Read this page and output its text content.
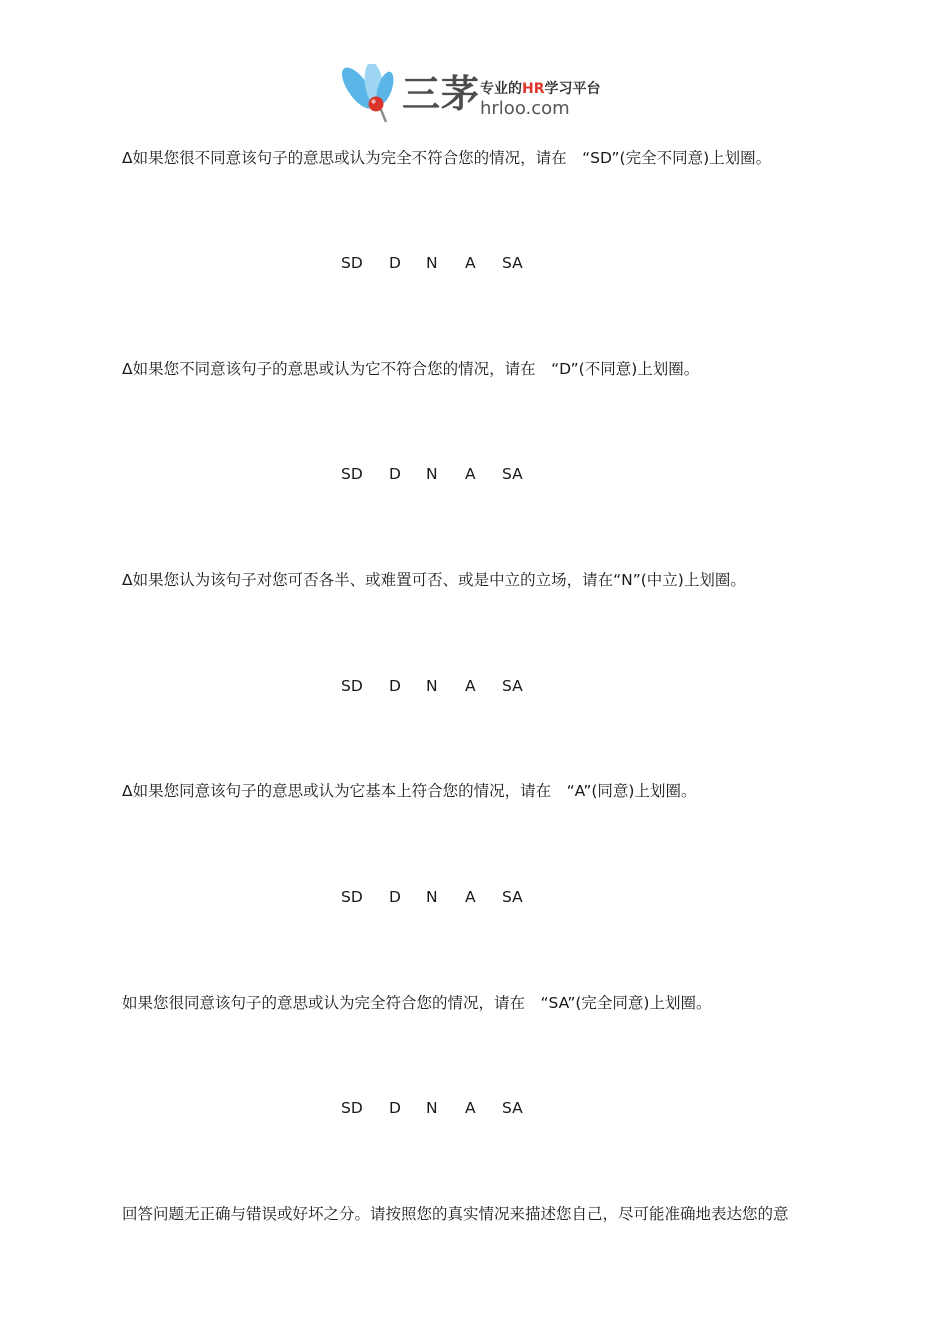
三茅 专业的HR学习平台
hrloo.com
Δ如果您很不同意该句子的意思或认为完全不符合您的情况，请在　“SD”(完全不同意)上划圈。
SD D N A SA
Δ如果您不同意该句子的意思或认为它不符合您的情况，请在　“D”(不同意)上划圈。
SD D N A SA
Δ如果您认为该句子对您可否各半、或难置可否、或是中立的立场，请在“N”(中立)上划圈。
SD D N A SA
Δ如果您同意该句子的意思或认为它基本上符合您的情况，请在　“A”(同意)上划圈。
SD D N A SA
如果您很同意该句子的意思或认为完全符合您的情况，请在　“SA”(完全同意)上划圈。
SD D N A SA
回答问题无正确与错误或好坏之分。请按照您的真实情况来描述您自己，尽可能准确地表达您的意
